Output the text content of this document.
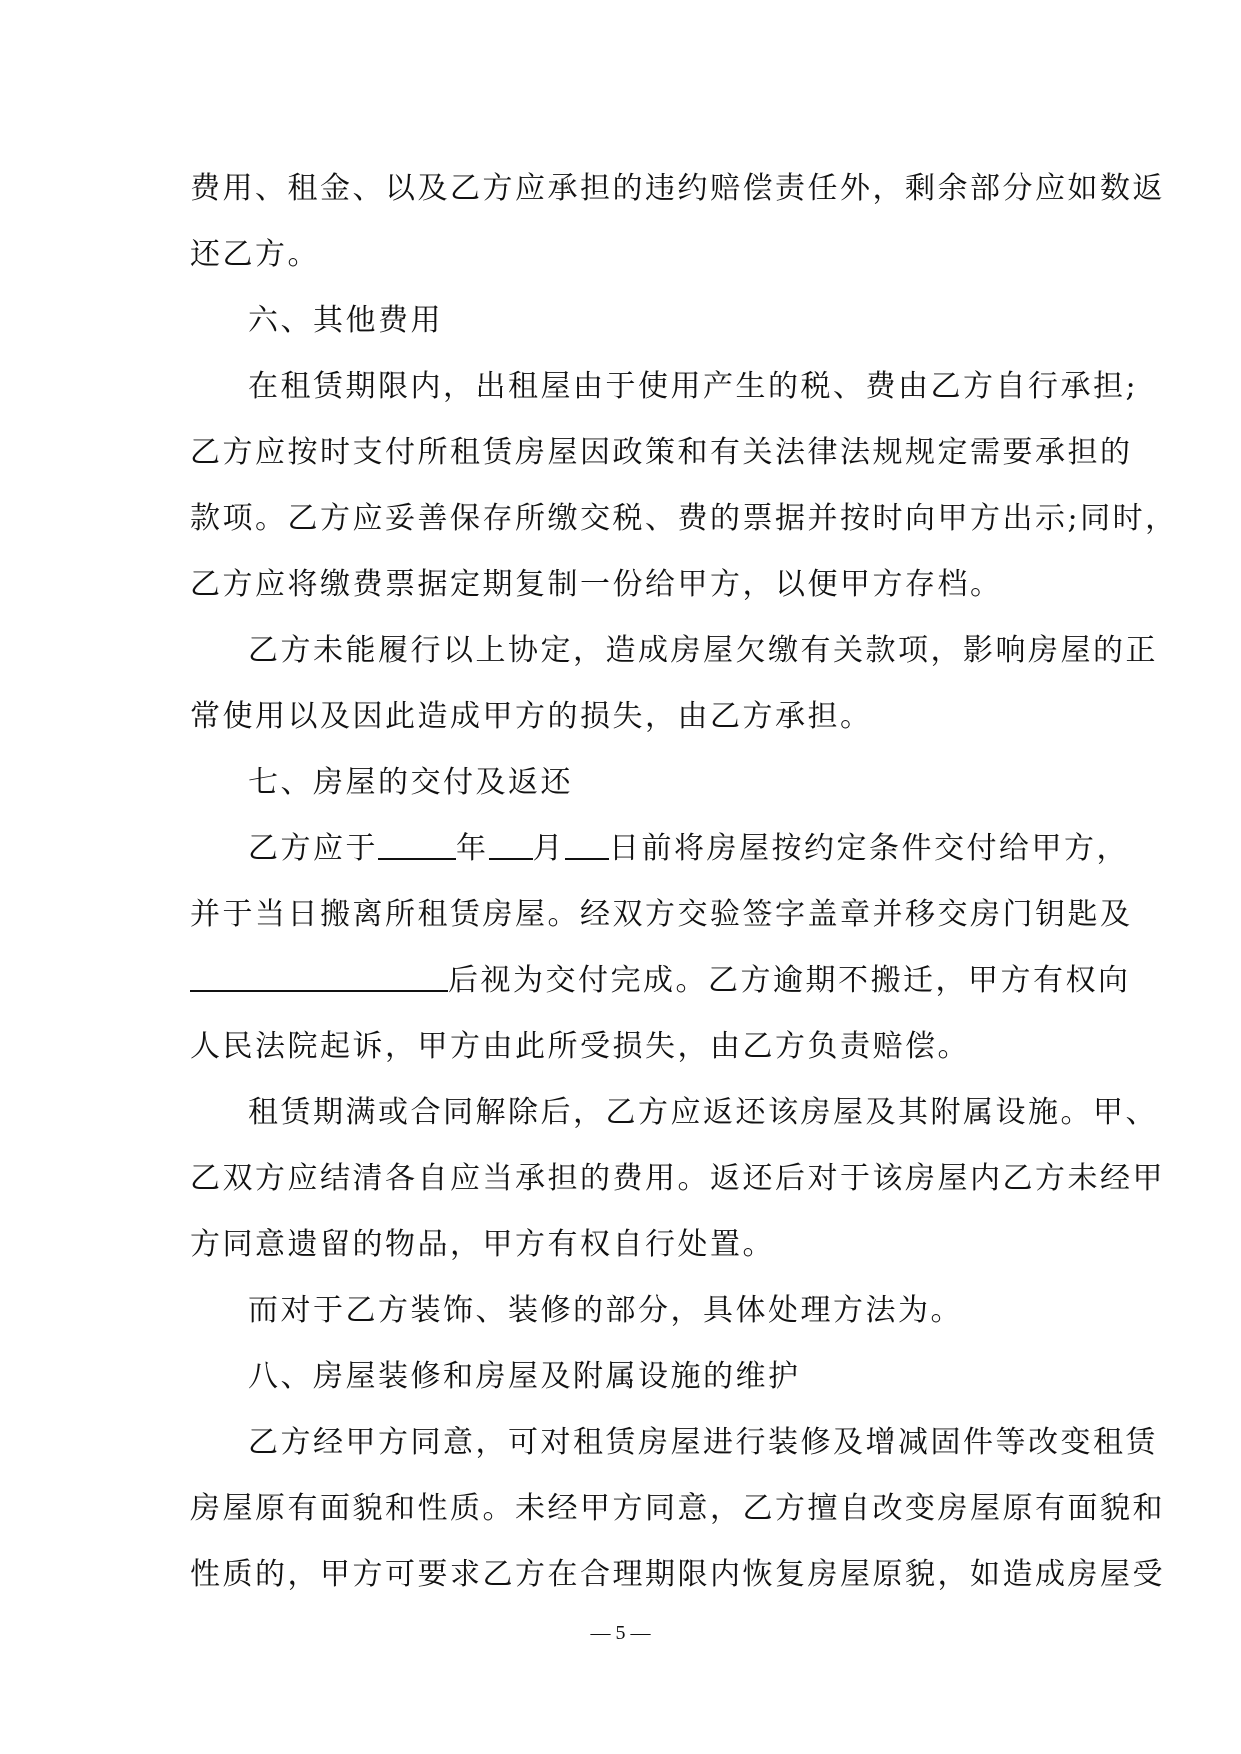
费用、租金、以及乙方应承担的违约赔偿责任外，剩余部分应如数返
还乙方。
六、其他费用
在租赁期限内，出租屋由于使用产生的税、费由乙方自行承担;
乙方应按时支付所租赁房屋因政策和有关法律法规规定需要承担的
款项。乙方应妥善保存所缴交税、费的票据并按时向甲方出示;同时，
乙方应将缴费票据定期复制一份给甲方，以便甲方存档。
乙方未能履行以上协定，造成房屋欠缴有关款项，影响房屋的正
常使用以及因此造成甲方的损失，由乙方承担。
七、房屋的交付及返还
乙方应于	年 月 日前将房屋按约定条件交付给甲方，
并于当日搬离所租赁房屋。经双方交验签字盖章并移交房门钥匙及
后视为交付完成。乙方逾期不搬迁，甲方有权向
人民法院起诉，甲方由此所受损失，由乙方负责赔偿。
租赁期满或合同解除后，乙方应返还该房屋及其附属设施。甲、
乙双方应结清各自应当承担的费用。返还后对于该房屋内乙方未经甲
方同意遗留的物品，甲方有权自行处置。
而对于乙方装饰、装修的部分，具体处理方法为。
八、房屋装修和房屋及附属设施的维护
乙方经甲方同意，可对租赁房屋进行装修及增减固件等改变租赁
房屋原有面貌和性质。未经甲方同意，乙方擅自改变房屋原有面貌和
性质的，甲方可要求乙方在合理期限内恢复房屋原貌，如造成房屋受
— 5 —
